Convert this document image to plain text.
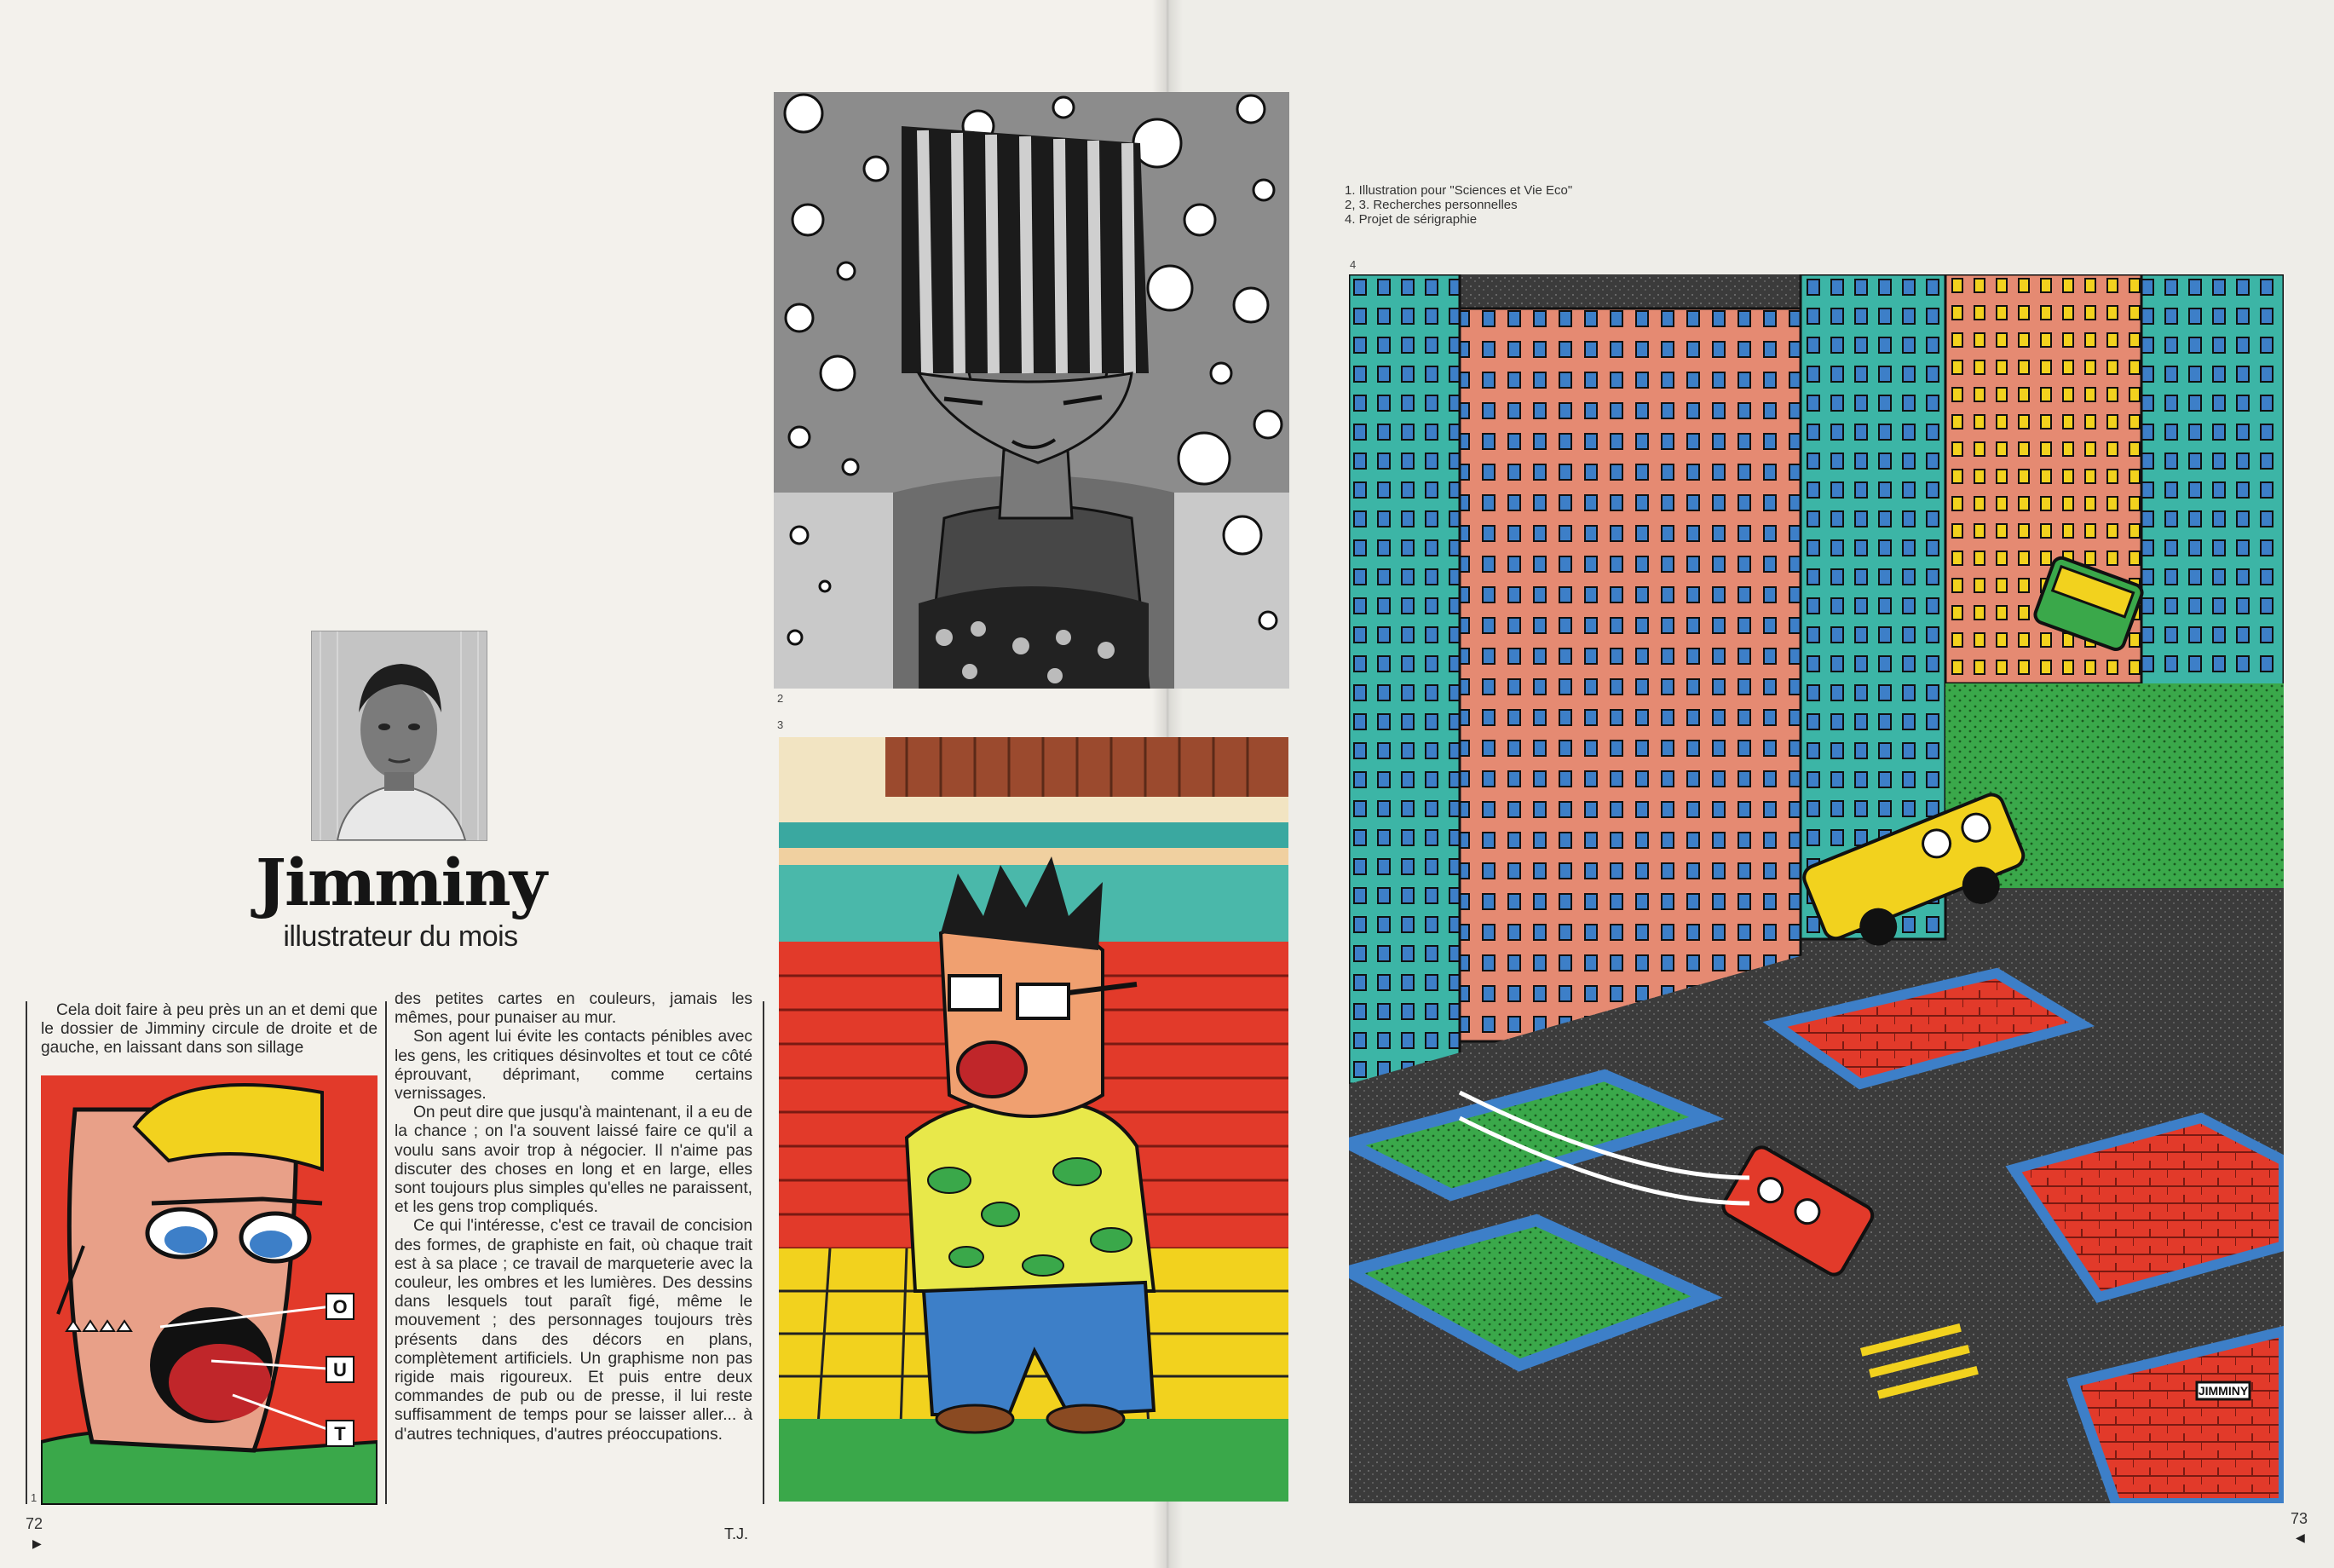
2
3
JIMMINY
4
1. Illustration pour "Sciences et Vie Eco"
2, 3. Recherches personnelles
4. Projet de sérigraphie
Jimminy
illustrateur du mois

Cela doit faire à peu près un an et demi que le dossier de Jimminy circule de droite et de gauche, en laissant dans son sillage

O
U
T
1

des petites cartes en couleurs, jamais les mêmes, pour punaiser au mur.

Son agent lui évite les contacts pénibles avec les gens, les critiques désinvoltes et tout ce côté éprouvant, déprimant, comme certains vernissages.

On peut dire que jusqu'à maintenant, il a eu de la chance ; on l'a souvent laissé faire ce qu'il a voulu sans avoir trop à négocier. Il n'aime pas discuter des choses en long et en large, elles sont toujours plus simples qu'elles ne paraissent, et les gens trop compliqués.

Ce qui l'intéresse, c'est ce travail de concision des formes, de graphiste en fait, où chaque trait est à sa place ; ce travail de marqueterie avec la couleur, les ombres et les lumières. Des dessins dans lesquels tout paraît figé, même le mouvement ; des personnages toujours très présents dans des décors en plans, complètement artificiels. Un graphisme non pas rigide mais rigoureux. Et puis entre deux commandes de pub ou de presse, il lui reste suffisamment de temps pour se laisser aller... à d'autres techniques, d'autres préoccupations.

T.J.
72
▶
73
◀
